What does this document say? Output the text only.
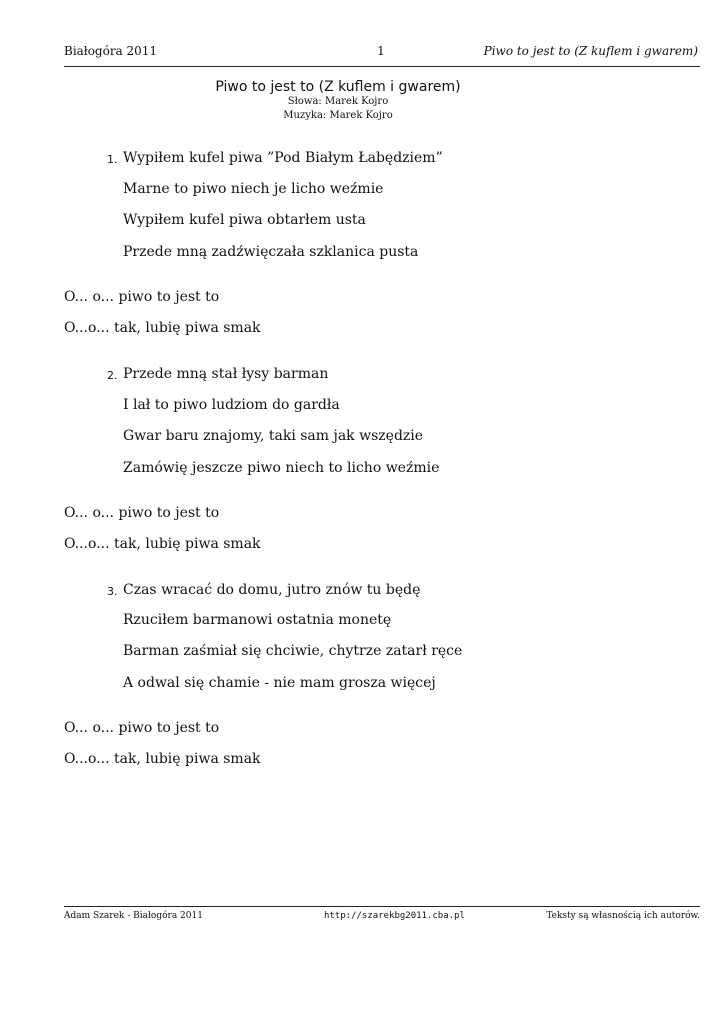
Białogóra 2011	1	Piwo to jest to (Z kuflem i gwarem)
Piwo to jest to (Z kuflem i gwarem)
Słowa: Marek Kojro
Muzyka: Marek Kojro
1. Wypiłem kufel piwa ”Pod Białym Łabędziem”
Marne to piwo niech je licho weźmie
Wypiłem kufel piwa obtarłem usta
Przede mną zadźwięczała szklanica pusta
O... o... piwo to jest to
O...o... tak, lubię piwa smak
2. Przede mną stał łysy barman
I lał to piwo ludziom do gardła
Gwar baru znajomy, taki sam jak wszędzie
Zamówię jeszcze piwo niech to licho weźmie
O... o... piwo to jest to
O...o... tak, lubię piwa smak
3. Czas wracać do domu, jutro znów tu będę
Rzuciłem barmanowi ostatnia monetę
Barman zaśmiał się chciwie, chytrze zatarł ręce
A odwal się chamie - nie mam grosza więcej
O... o... piwo to jest to
O...o... tak, lubię piwa smak
Adam Szarek - Białogóra 2011	http://szarekbg2011.cba.pl	Teksty są własnością ich autorów.
